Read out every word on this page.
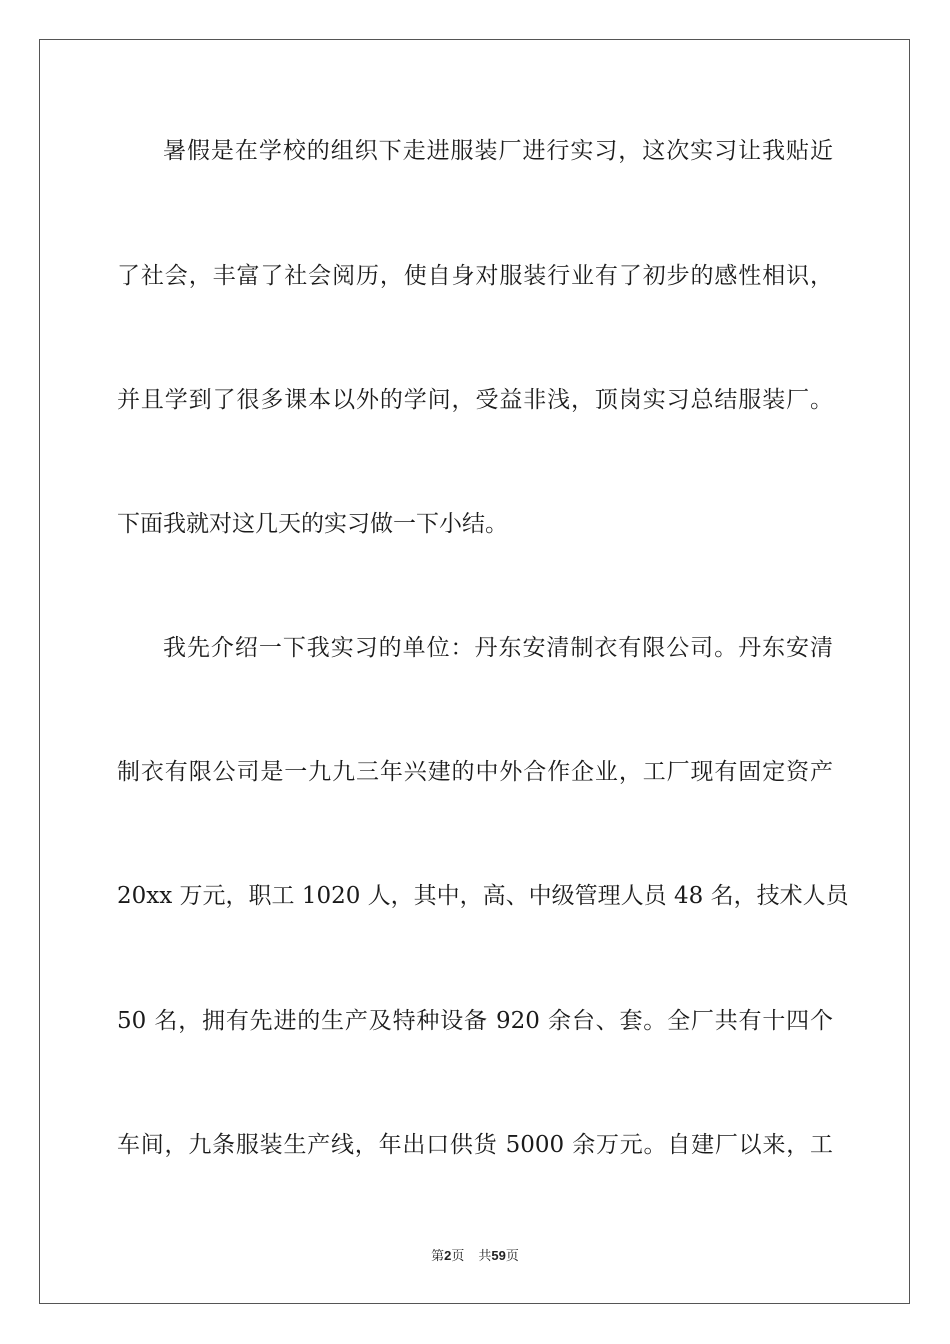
暑假是在学校的组织下走进服装厂进行实习，这次实习让我贴近
了社会，丰富了社会阅历，使自身对服装行业有了初步的感性相识，
并且学到了很多课本以外的学问，受益非浅，顶岗实习总结服装厂。
下面我就对这几天的实习做一下小结。
我先介绍一下我实习的单位：丹东安清制衣有限公司。丹东安清
制衣有限公司是一九九三年兴建的中外合作企业，工厂现有固定资产
20xx 万元，职工 1020 人，其中，高、中级管理人员 48 名，技术人员
50 名，拥有先进的生产及特种设备 920 余台、套。全厂共有十四个
车间，九条服装生产线，年出口供货 5000 余万元。自建厂以来，工
第2页 共59页
